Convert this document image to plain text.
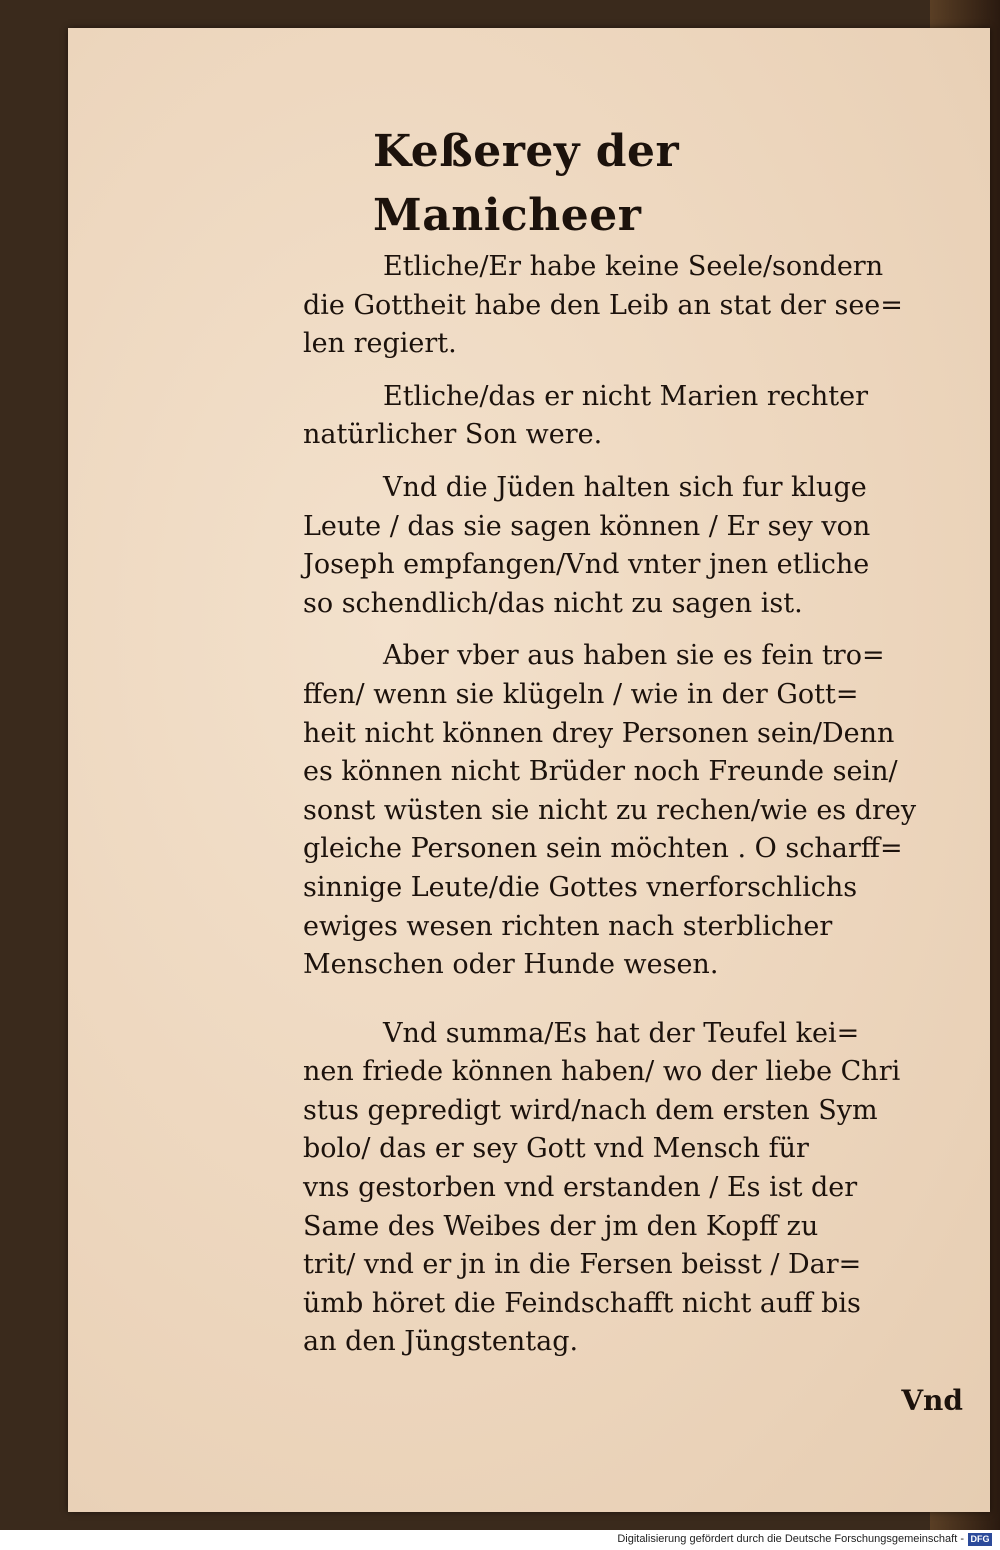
Keßerey der Manicheer

Etliche/Er habe keine Seele/sondern
die Gottheit habe den Leib an stat der see=
len regiert.

Etliche/das er nicht Marien rechter
natürlicher Son were.

Vnd die Jüden halten sich fur kluge
Leute / das sie sagen können / Er sey von
Joseph empfangen/Vnd vnter jnen etliche
so schendlich/das nicht zu sagen ist.

Aber vber aus haben sie es fein tro=
ffen/ wenn sie klügeln / wie in der Gott=
heit nicht können drey Personen sein/Denn
es können nicht Brüder noch Freunde sein/
sonst wüsten sie nicht zu rechen/wie es drey
gleiche Personen sein möchten . O scharff=
sinnige Leute/die Gottes vnerforschlichs
ewiges wesen richten nach sterblicher
Menschen oder Hunde wesen.

Vnd summa/Es hat der Teufel kei=
nen friede können haben/ wo der liebe Chri
stus gepredigt wird/nach dem ersten Sym
bolo/ das er sey Gott vnd Mensch für
vns gestorben vnd erstanden / Es ist der
Same des Weibes der jm den Kopff zu
trit/ vnd er jn in die Fersen beisst / Dar=
ümb höret die Feindschafft nicht auff bis
an den Jüngstentag.

Vnd
Digitalisierung gefördert durch die Deutsche Forschungsgemeinschaft - DFG
